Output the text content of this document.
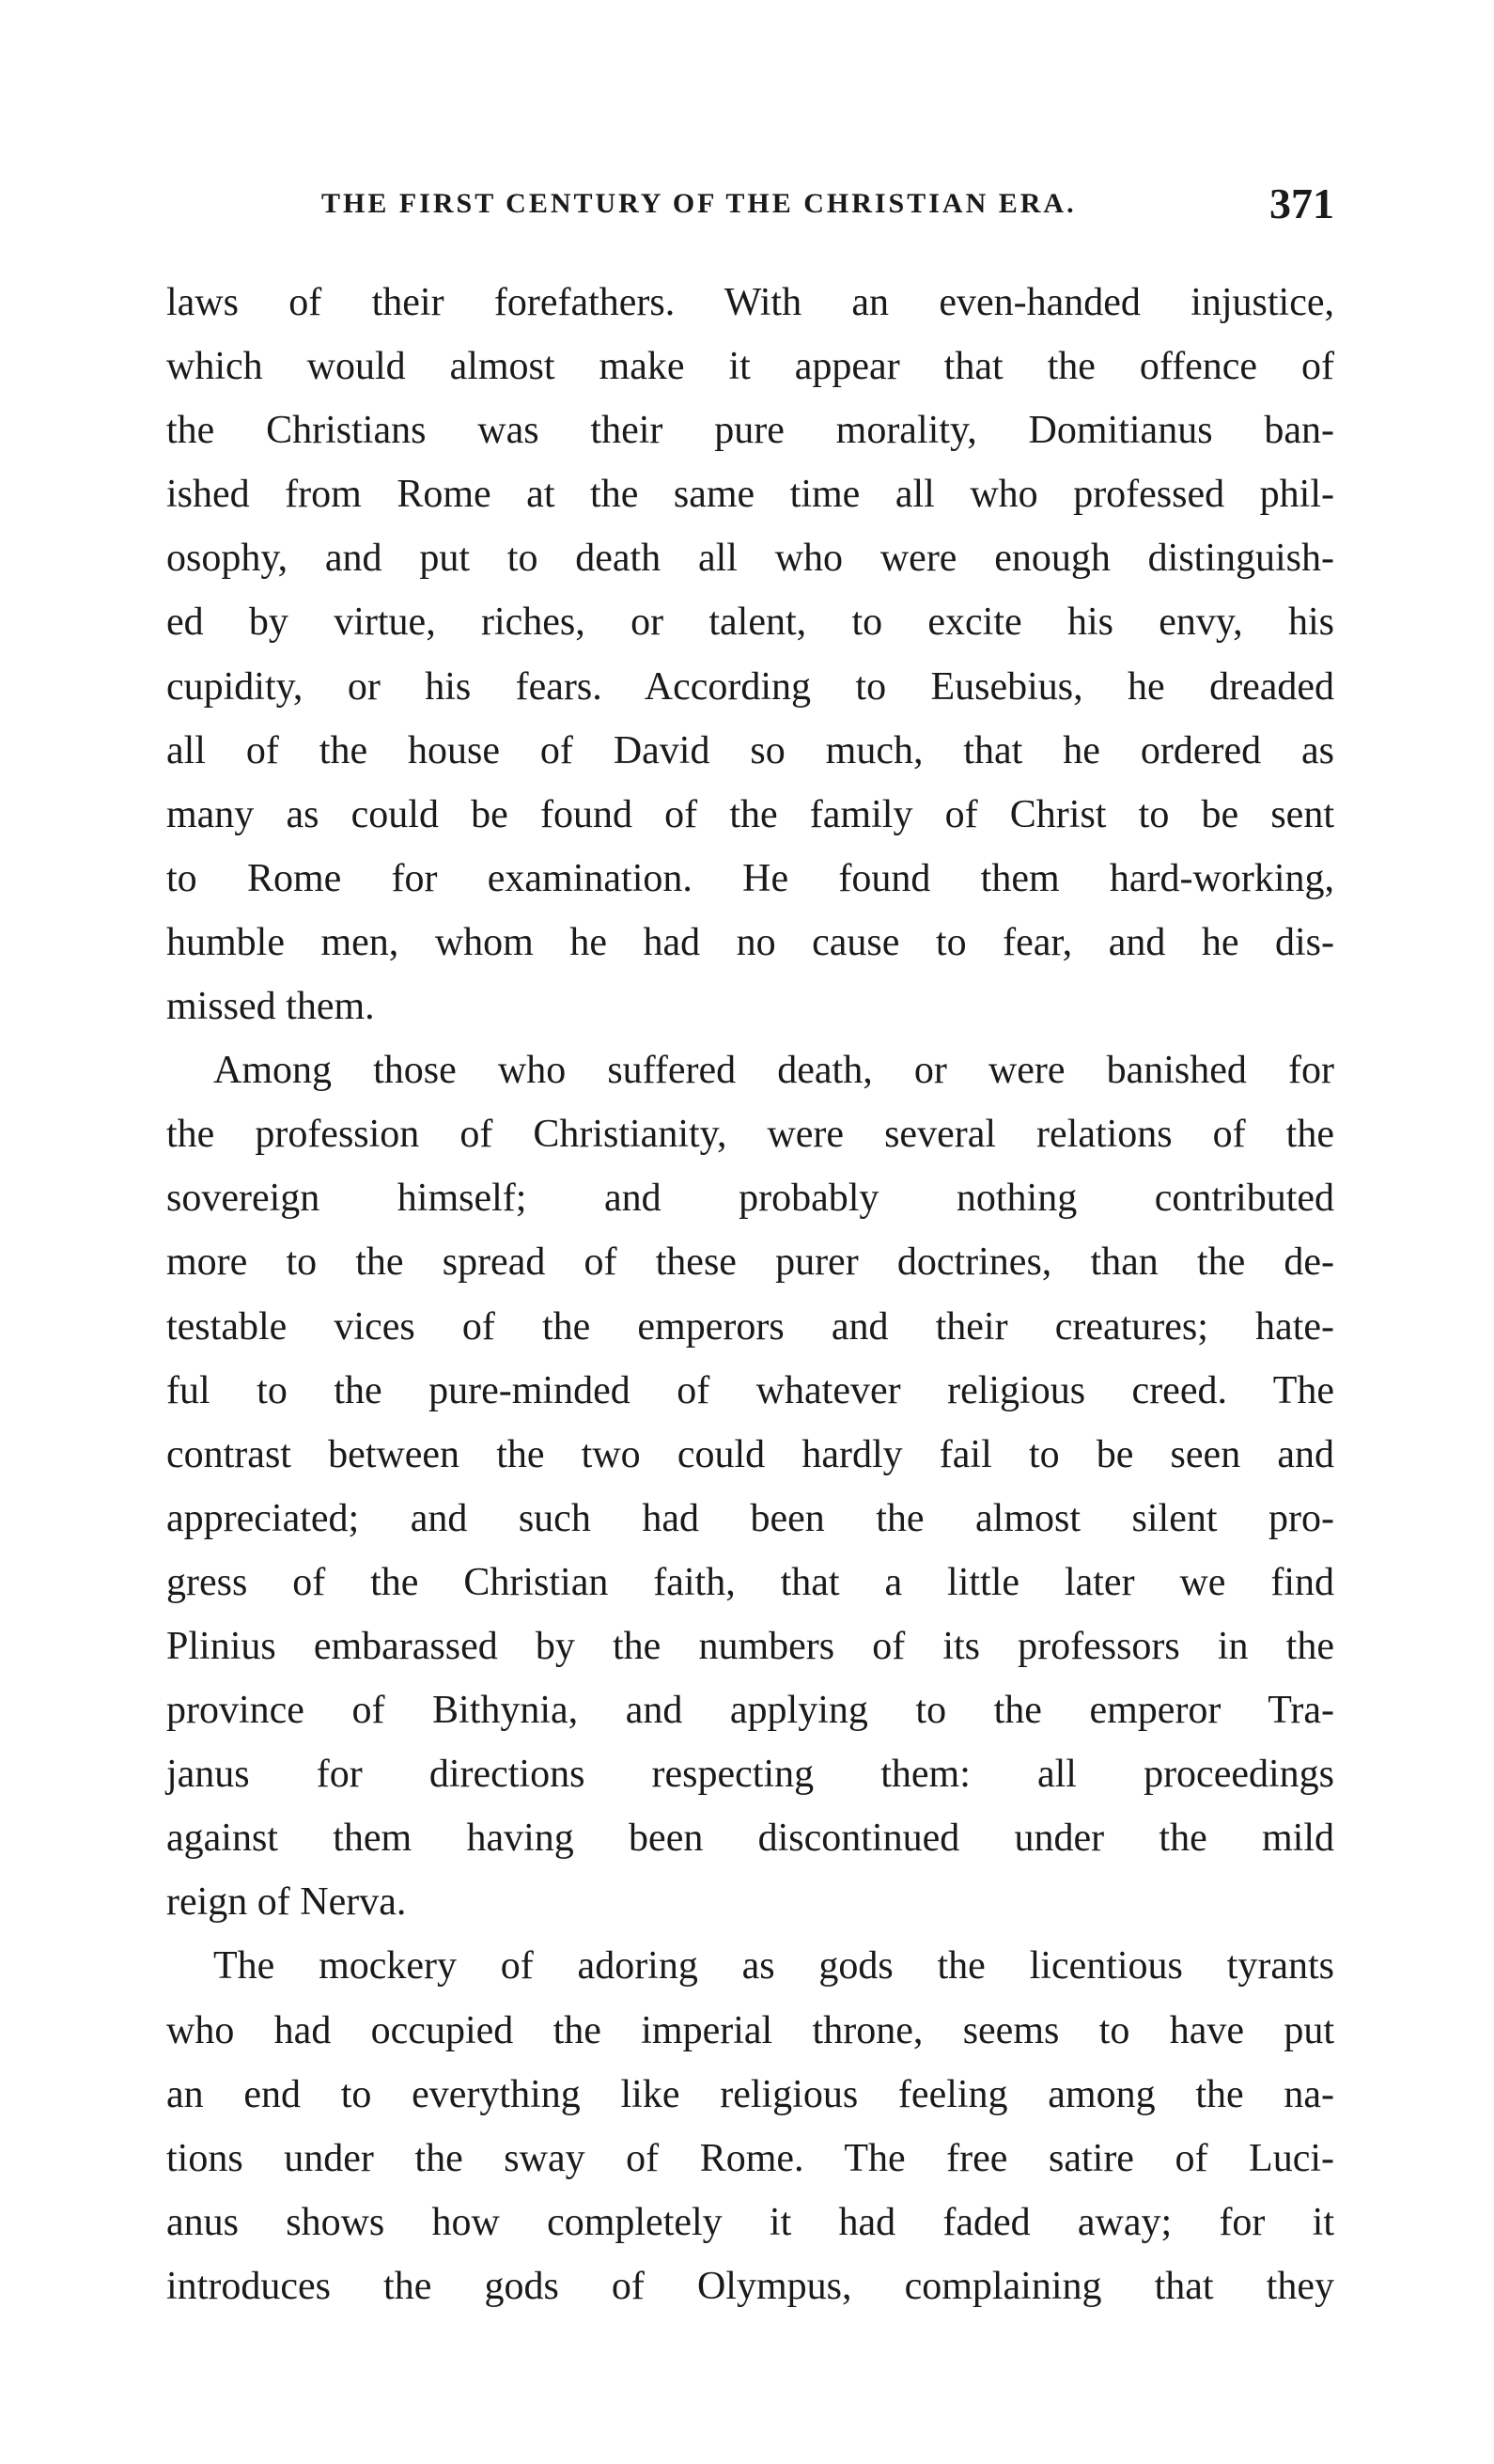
THE FIRST CENTURY OF THE CHRISTIAN ERA.	371
laws of their forefathers. With an even-handed injustice,
which would almost make it appear that the offence of
the Christians was their pure morality, Domitianus ban-
ished from Rome at the same time all who professed phil-
osophy, and put to death all who were enough distinguish-
ed by virtue, riches, or talent, to excite his envy, his
cupidity, or his fears. According to Eusebius, he dreaded
all of the house of David so much, that he ordered as
many as could be found of the family of Christ to be sent
to Rome for examination. He found them hard-working,
humble men, whom he had no cause to fear, and he dis-
missed them.
Among those who suffered death, or were banished for
the profession of Christianity, were several relations of the
sovereign himself; and probably nothing contributed
more to the spread of these purer doctrines, than the de-
testable vices of the emperors and their creatures; hate-
ful to the pure-minded of whatever religious creed. The
contrast between the two could hardly fail to be seen and
appreciated; and such had been the almost silent pro-
gress of the Christian faith, that a little later we find
Plinius embarassed by the numbers of its professors in the
province of Bithynia, and applying to the emperor Tra-
janus for directions respecting them: all proceedings
against them having been discontinued under the mild
reign of Nerva.
The mockery of adoring as gods the licentious tyrants
who had occupied the imperial throne, seems to have put
an end to everything like religious feeling among the na-
tions under the sway of Rome. The free satire of Luci-
anus shows how completely it had faded away; for it
introduces the gods of Olympus, complaining that they
